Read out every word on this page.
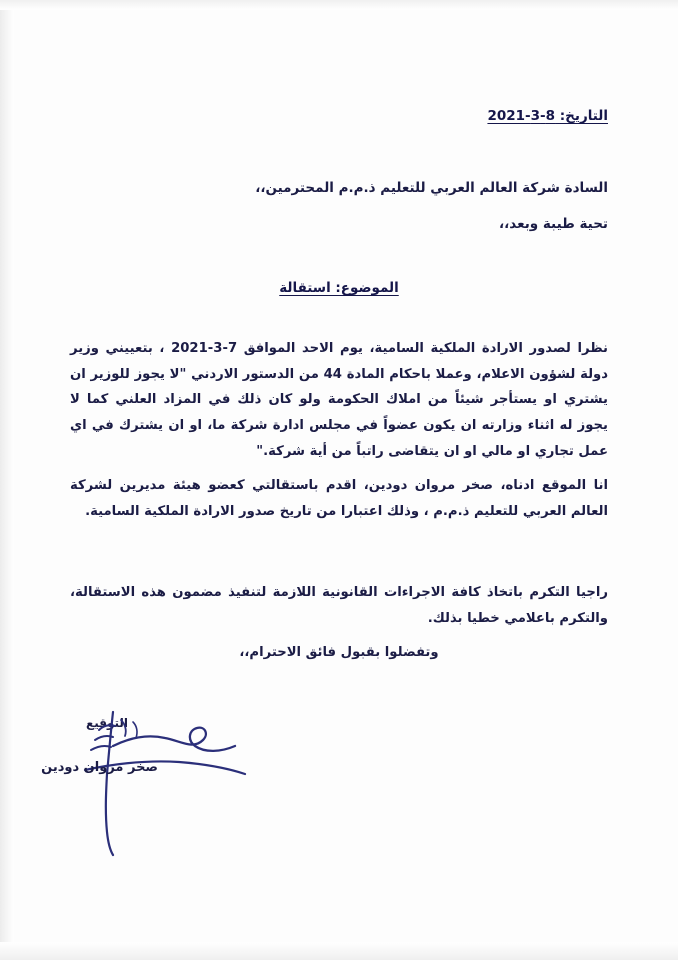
التاريخ: 8-3-2021
السادة شركة العالم العربي للتعليم ذ.م.م المحترمين،،
تحية طيبة وبعد،،
الموضوع: استقالة
نظرا لصدور الارادة الملكية السامية، يوم الاحد الموافق 7-3-2021 ، بتعييني وزير دولة لشؤون الاعلام، وعملا باحكام المادة 44 من الدستور الاردني "لا يجوز للوزير ان يشتري او يستأجر شيئاً من املاك الحكومة ولو كان ذلك في المزاد العلني كما لا يجوز له اثناء وزارته ان يكون عضواً في مجلس ادارة شركة ما، او ان يشترك في اي عمل تجاري او مالي او ان يتقاضى راتباً من أية شركة."
انا الموقع ادناه، صخر مروان دودين، اقدم باستقالتي كعضو هيئة مديرين لشركة العالم العربي للتعليم ذ.م.م ، وذلك اعتبارا من تاريخ صدور الارادة الملكية السامية.
راجيا التكرم باتخاذ كافة الاجراءات القانونية اللازمة لتنفيذ مضمون هذه الاستقالة، والتكرم باعلامي خطيا بذلك.
وتفضلوا بقبول فائق الاحترام،،
التوقيع
صخر مروان دودين
